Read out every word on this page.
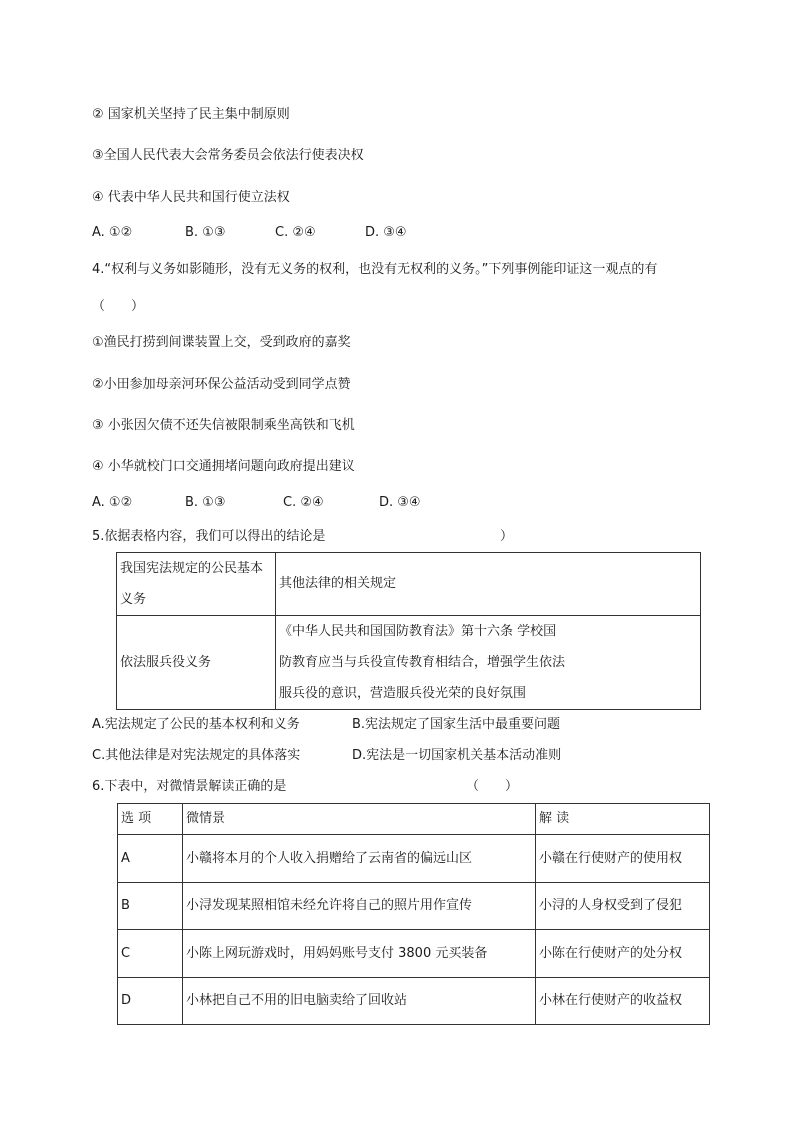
② 国家机关坚持了民主集中制原则
③全国人民代表大会常务委员会依法行使表决权
④ 代表中华人民共和国行使立法权
A. ①②	B. ①③	C. ②④	D. ③④
4.“权利与义务如影随形，没有无义务的权利，也没有无权利的义务。”下列事例能印证这一观点的有
（　　）
①渔民打捞到间谍装置上交，受到政府的嘉奖
②小田参加母亲河环保公益活动受到同学点赞
③ 小张因欠债不还失信被限制乘坐高铁和飞机
④ 小华就校门口交通拥堵问题向政府提出建议
A. ①②	B. ①③	C. ②④	D. ③④
5.依据表格内容，我们可以得出的结论是	）
我国宪法规定的公民基本
义务	其他法律的相关规定
依法服兵役义务	《中华人民共和国国防教育法》第十六条 学校国
防教育应当与兵役宣传教育相结合，增强学生依法
服兵役的意识，营造服兵役光荣的良好氛围
A.宪法规定了公民的基本权利和义务	B.宪法规定了国家生活中最重要问题
C.其他法律是对宪法规定的具体落实	D.宪法是一切国家机关基本活动准则
6.下表中，对微情景解读正确的是	（　　）
选 项	微情景	解 读
A	小赣将本月的个人收入捐赠给了云南省的偏远山区	小赣在行使财产的使用权
B	小浔发现某照相馆未经允许将自己的照片用作宣传	小浔的人身权受到了侵犯
C	小陈上网玩游戏时，用妈妈账号支付 3800 元买装备	小陈在行使财产的处分权
D	小林把自己不用的旧电脑卖给了回收站	小林在行使财产的收益权
